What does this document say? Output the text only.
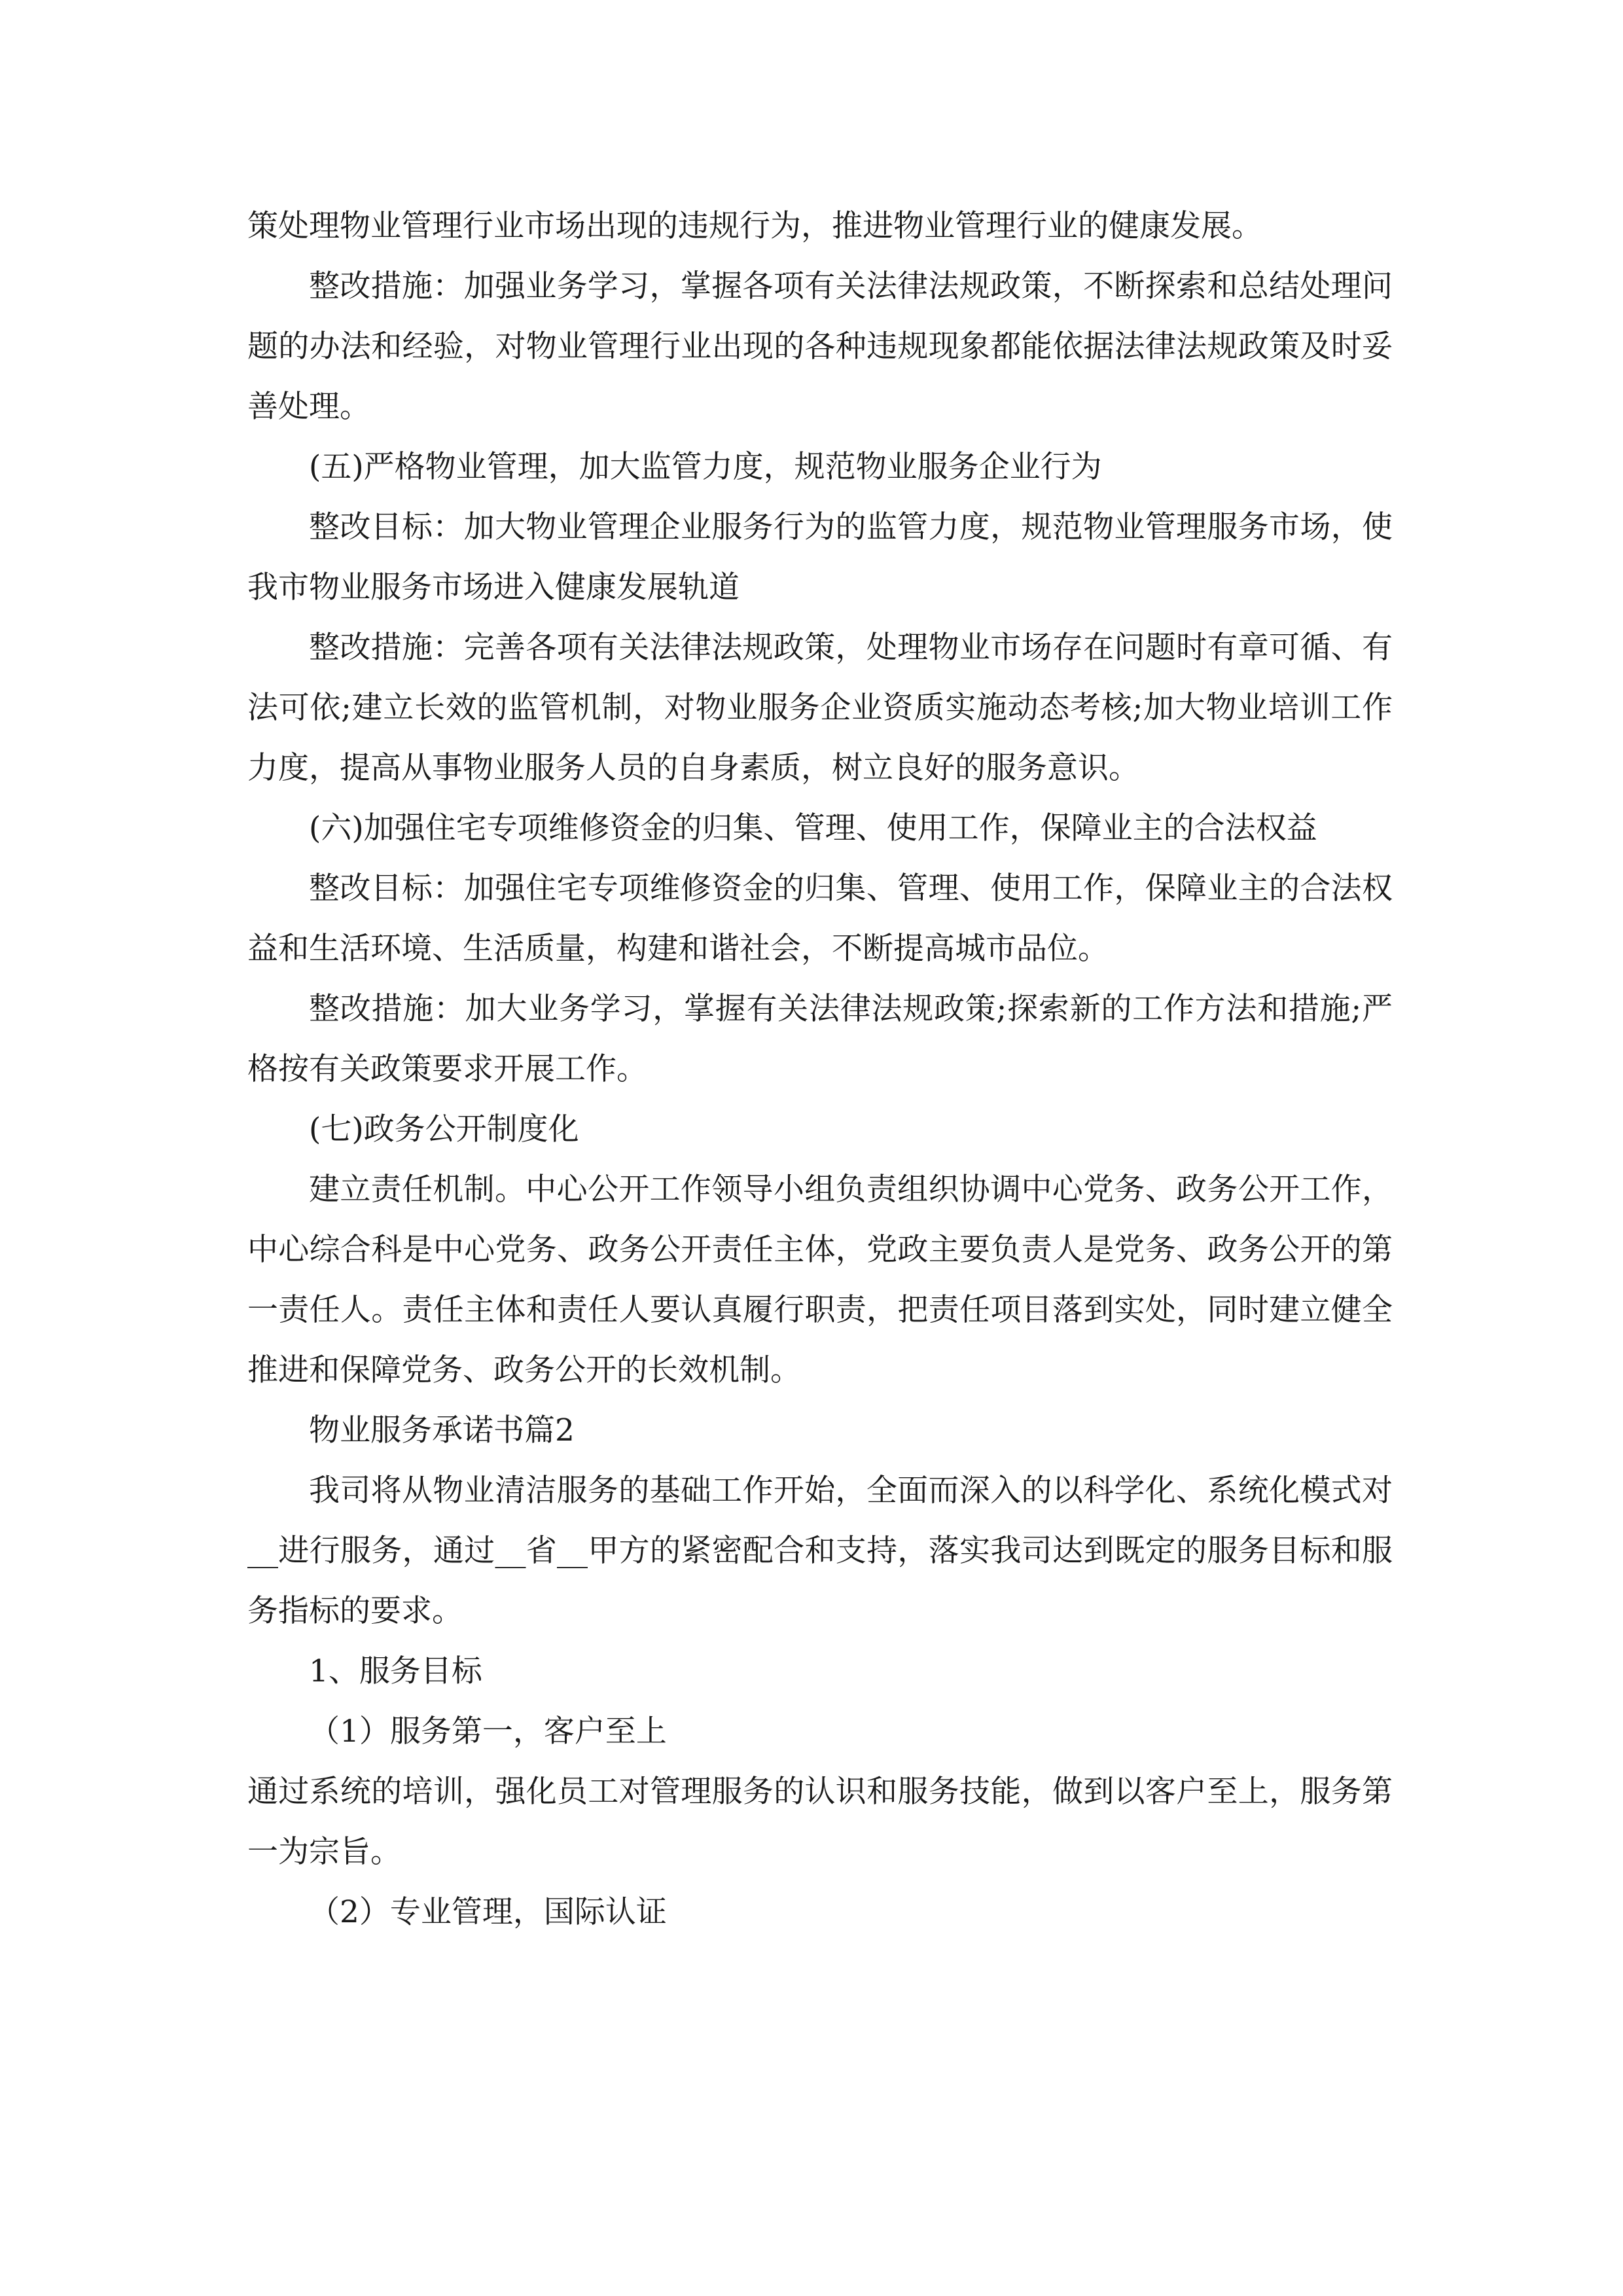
策处理物业管理行业市场出现的违规行为，推进物业管理行业的健康发展。

整改措施：加强业务学习，掌握各项有关法律法规政策，不断探索和总结处理问题的办法和经验，对物业管理行业出现的各种违规现象都能依据法律法规政策及时妥善处理。

(五)严格物业管理，加大监管力度，规范物业服务企业行为

整改目标：加大物业管理企业服务行为的监管力度，规范物业管理服务市场，使我市物业服务市场进入健康发展轨道

整改措施：完善各项有关法律法规政策，处理物业市场存在问题时有章可循、有法可依;建立长效的监管机制，对物业服务企业资质实施动态考核;加大物业培训工作力度，提高从事物业服务人员的自身素质，树立良好的服务意识。

(六)加强住宅专项维修资金的归集、管理、使用工作，保障业主的合法权益

整改目标：加强住宅专项维修资金的归集、管理、使用工作，保障业主的合法权益和生活环境、生活质量，构建和谐社会，不断提高城市品位。

整改措施：加大业务学习，掌握有关法律法规政策;探索新的工作方法和措施;严格按有关政策要求开展工作。

(七)政务公开制度化

建立责任机制。中心公开工作领导小组负责组织协调中心党务、政务公开工作，中心综合科是中心党务、政务公开责任主体，党政主要负责人是党务、政务公开的第一责任人。责任主体和责任人要认真履行职责，把责任项目落到实处，同时建立健全推进和保障党务、政务公开的长效机制。

物业服务承诺书篇2

我司将从物业清洁服务的基础工作开始，全面而深入的以科学化、系统化模式对__进行服务，通过__省__甲方的紧密配合和支持，落实我司达到既定的服务目标和服务指标的要求。

1、服务目标

（1）服务第一，客户至上

通过系统的培训，强化员工对管理服务的认识和服务技能，做到以客户至上，服务第一为宗旨。

（2）专业管理，国际认证
